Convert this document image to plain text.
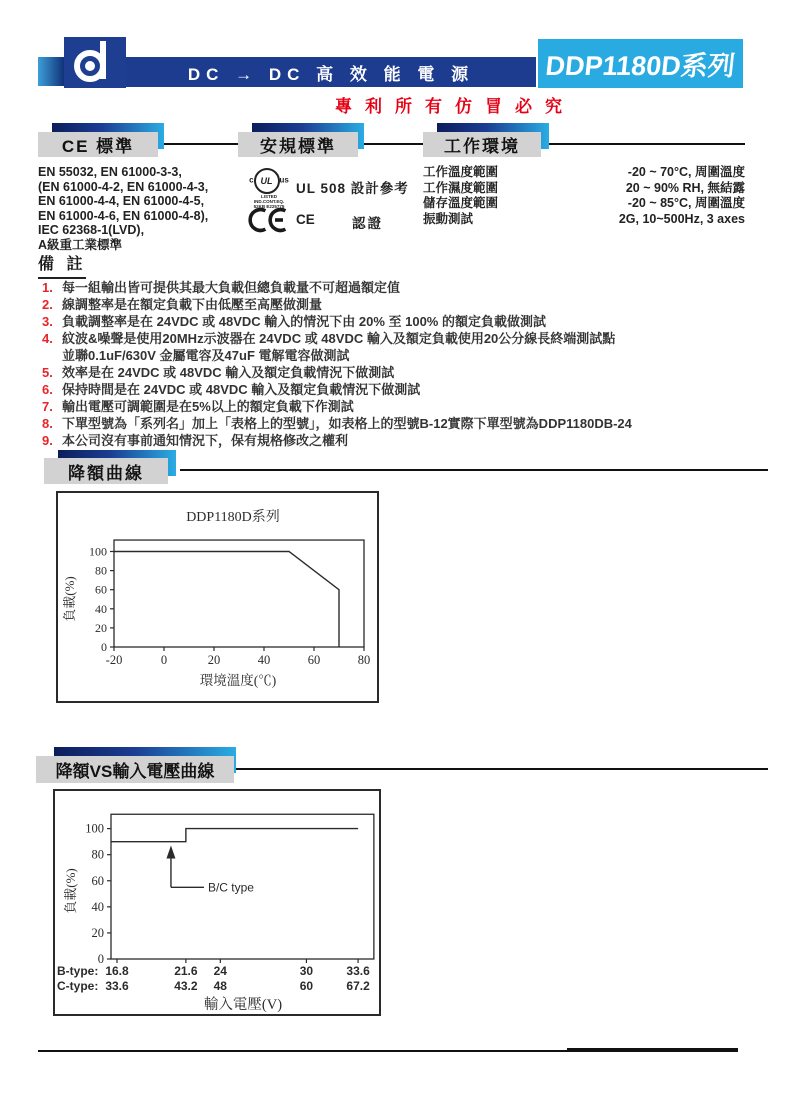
DC → DC 高 效 能 電 源	DDP1180D系列
專利所有仿冒必究
CE 標準	安規標準	工作環境
EN 55032, EN 61000-3-3,
(EN 61000-4-2, EN 61000-4-3,
EN 61000-4-4, EN 61000-4-5,
EN 61000-4-6, EN 61000-4-8),
IEC 62368-1(LVD),
A級重工業標準
c UL us
LISTED
IND.CONT.EQ.
52KB E225775
UL 508 設計參考
CE	認證
工作溫度範圍	-20 ~ 70°C, 周圍溫度
工作濕度範圍	20 ~ 90% RH, 無結露
儲存溫度範圍	-20 ~ 85°C, 周圍溫度
振動測試	2G, 10~500Hz, 3 axes
備 註
1. 每一組輸出皆可提供其最大負載但總負載量不可超過額定值
2. 線調整率是在額定負載下由低壓至高壓做測量
3. 負載調整率是在 24VDC 或 48VDC 輸入的情況下由 20% 至 100% 的額定負載做測試
4. 紋波&噪聲是使用20MHz示波器在 24VDC 或 48VDC 輸入及額定負載使用20公分線長終端測試點
並聯0.1uF/630V 金屬電容及47uF 電解電容做測試
5. 效率是在 24VDC 或 48VDC 輸入及額定負載情況下做測試
6. 保持時間是在 24VDC 或 48VDC 輸入及額定負載情況下做測試
7. 輸出電壓可調範圍是在5%以上的額定負載下作測試
8. 下單型號為「系列名」加上「表格上的型號」，如表格上的型號B-12實際下單型號為DDP1180DB-24
9. 本公司沒有事前通知情況下，保有規格修改之權利
降額曲線
DDP1180D系列
0
20
40
60
80
100
-20	0	20	40	60	80
負載(%)
環境溫度(℃)
降額VS輸入電壓曲線
0
20
40
60
80
100
B/C type
B-type: 16.8	21.6 24	30	33.6
C-type: 33.6	43.2 48	60	67.2
輸入電壓(V)
負載(%)
